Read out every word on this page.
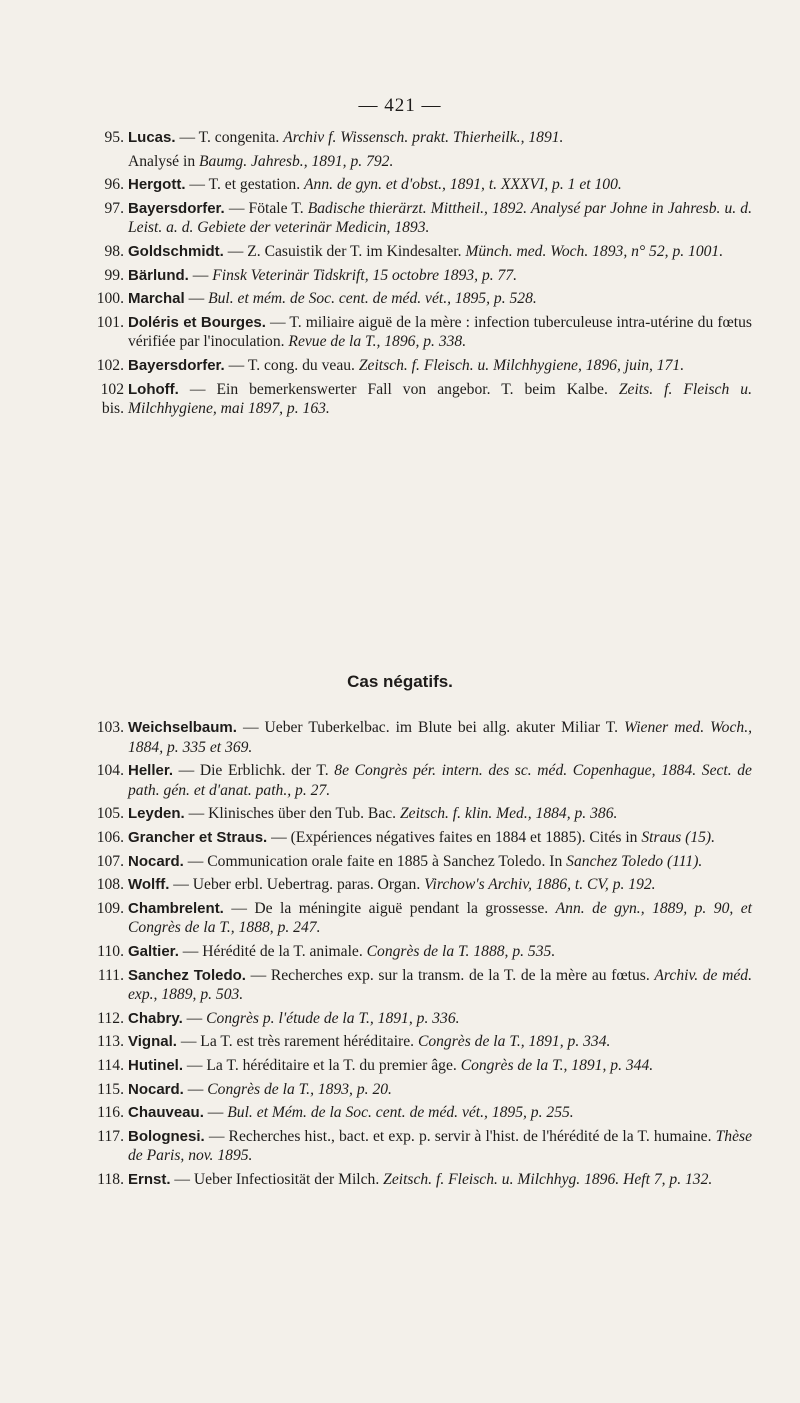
— 421 —
95. Lucas. — T. congenita. Archiv f. Wissensch. prakt. Thierheilk., 1891.
Analysé in Baumg. Jahresb., 1891, p. 792.
96. Hergott. — T. et gestation. Ann. de gyn. et d'obst., 1891, t. XXXVI, p. 1 et 100.
97. Bayersdorfer. — Fötale T. Badische thierärzt. Mittheil., 1892. Analysé par Johne in Jahresb. u. d. Leist. a. d. Gebiete der veterinär Medicin, 1893.
98. Goldschmidt. — Z. Casuistik der T. im Kindesalter. Münch. med. Woch. 1893, n° 52, p. 1001.
99. Bärlund. — Finsk Veterinär Tidskrift, 15 octobre 1893, p. 77.
100. Marchal — Bul. et mém. de Soc. cent. de méd. vét., 1895, p. 528.
101. Doléris et Bourges. — T. miliaire aiguë de la mère : infection tuberculeuse intra-utérine du fœtus vérifiée par l'inoculation. Revue de la T., 1896, p. 338.
102. Bayersdorfer. — T. cong. du veau. Zeitsch. f. Fleisch. u. Milchhygiene, 1896, juin, 171.
102 bis.
Lohoff. — Ein bemerkenswerter Fall von angebor. T. beim Kalbe. Zeits. f. Fleisch u. Milchhygiene, mai 1897, p. 163.
Cas négatifs.
103. Weichselbaum. — Ueber Tuberkelbac. im Blute bei allg. akuter Miliar T. Wiener med. Woch., 1884, p. 335 et 369.
104. Heller. — Die Erblichk. der T. 8e Congrès pér. intern. des sc. méd. Copenhague, 1884. Sect. de path. gén. et d'anat. path., p. 27.
105. Leyden. — Klinisches über den Tub. Bac. Zeitsch. f. klin. Med., 1884, p. 386.
106. Grancher et Straus. — (Expériences négatives faites en 1884 et 1885). Cités in Straus (15).
107. Nocard. — Communication orale faite en 1885 à Sanchez Toledo. In Sanchez Toledo (111).
108. Wolff. — Ueber erbl. Uebertrag. paras. Organ. Virchow's Archiv, 1886, t. CV, p. 192.
109. Chambrelent. — De la méningite aiguë pendant la grossesse. Ann. de gyn., 1889, p. 90, et Congrès de la T., 1888, p. 247.
110. Galtier. — Hérédité de la T. animale. Congrès de la T. 1888, p. 535.
111. Sanchez Toledo. — Recherches exp. sur la transm. de la T. de la mère au fœtus. Archiv. de méd. exp., 1889, p. 503.
112. Chabry. — Congrès p. l'étude de la T., 1891, p. 336.
113. Vignal. — La T. est très rarement héréditaire. Congrès de la T., 1891, p. 334.
114. Hutinel. — La T. héréditaire et la T. du premier âge. Congrès de la T., 1891, p. 344.
115. Nocard. — Congrès de la T., 1893, p. 20.
116. Chauveau. — Bul. et Mém. de la Soc. cent. de méd. vét., 1895, p. 255.
117. Bolognesi. — Recherches hist., bact. et exp. p. servir à l'hist. de l'hérédité de la T. humaine. Thèse de Paris, nov. 1895.
118. Ernst. — Ueber Infectiosität der Milch. Zeitsch. f. Fleisch. u. Milchhyg. 1896. Heft 7, p. 132.
